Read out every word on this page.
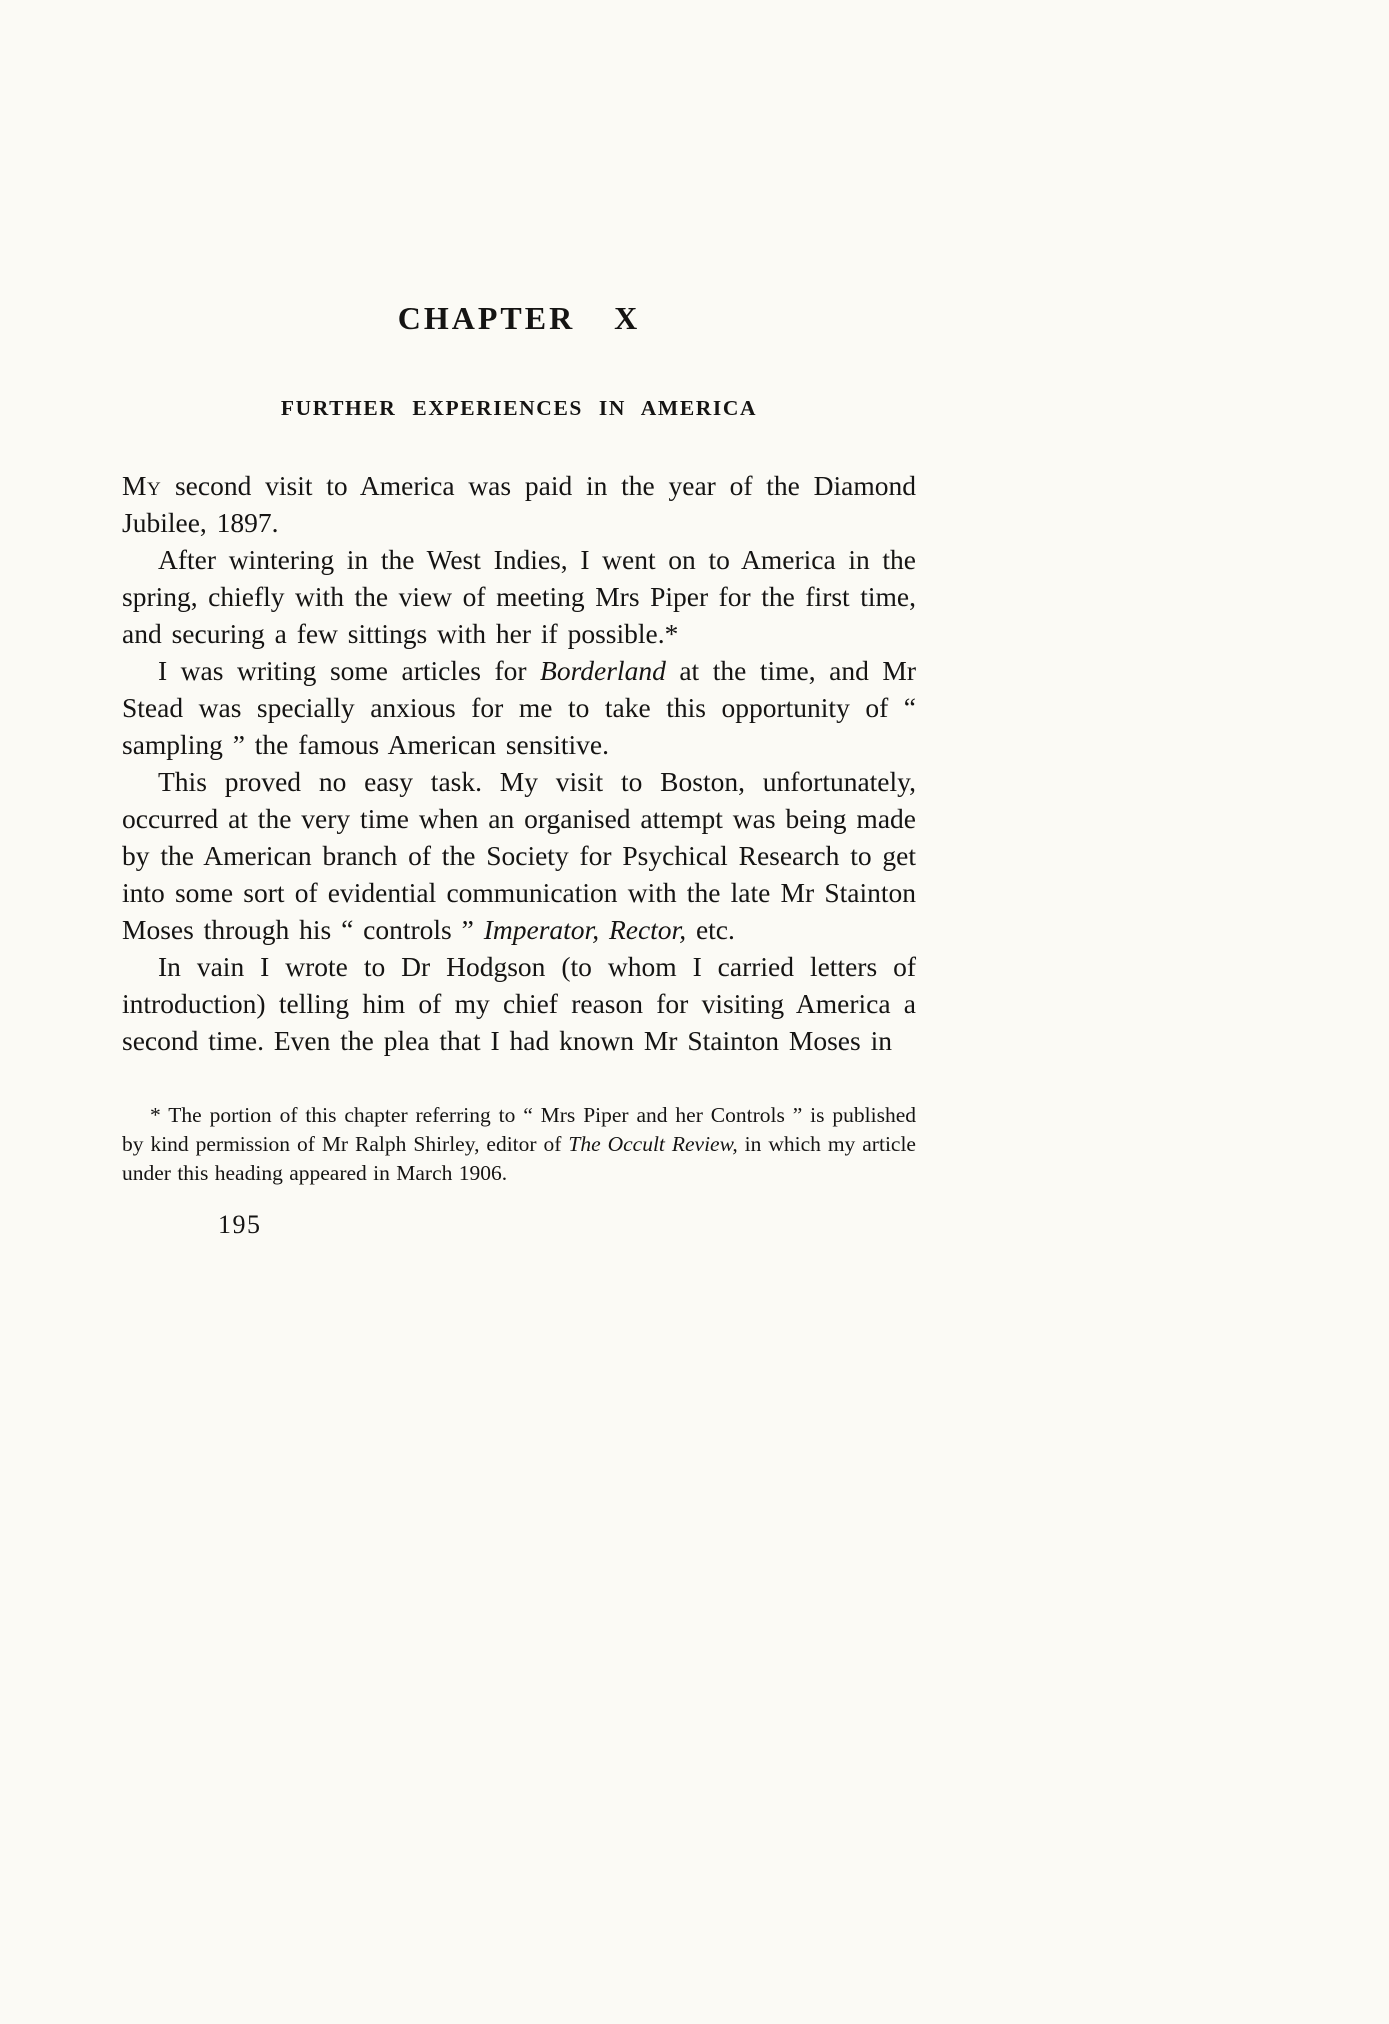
CHAPTER X
FURTHER EXPERIENCES IN AMERICA

My second visit to America was paid in the year of the Diamond Jubilee, 1897.

After wintering in the West Indies, I went on to America in the spring, chiefly with the view of meeting Mrs Piper for the first time, and securing a few sittings with her if possible.*

I was writing some articles for Borderland at the time, and Mr Stead was specially anxious for me to take this opportunity of “ sampling ” the famous American sensitive.

This proved no easy task. My visit to Boston, unfortunately, occurred at the very time when an organised attempt was being made by the American branch of the Society for Psychical Research to get into some sort of evidential communication with the late Mr Stainton Moses through his “ controls ” Imperator, Rector, etc.

In vain I wrote to Dr Hodgson (to whom I carried letters of introduction) telling him of my chief reason for visiting America a second time. Even the plea that I had known Mr Stainton Moses in

* The portion of this chapter referring to “ Mrs Piper and her Controls ” is published by kind permission of Mr Ralph Shirley, editor of The Occult Review, in which my article under this heading appeared in March 1906.

195
